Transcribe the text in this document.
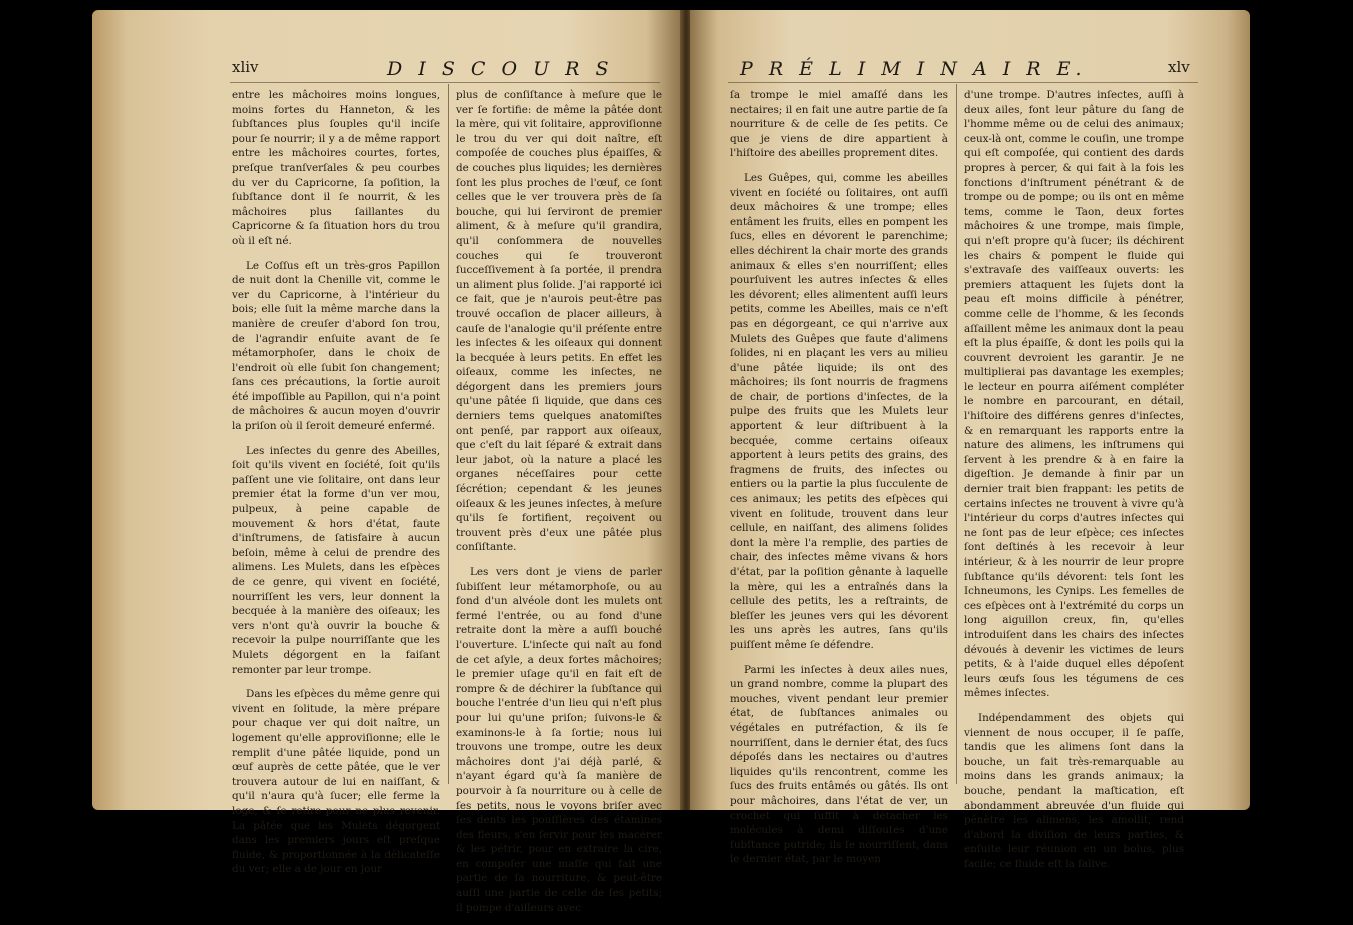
xliv	D I S C O U R S

entre les mâchoires moins longues, moins fortes du Hanneton, & les ſubſtances plus ſouples qu'il inciſe pour ſe nourrir; il y a de même rapport entre les mâchoires courtes, fortes, preſque tranſverſales & peu courbes du ver du Capricorne, ſa poſition, la ſubſtance dont il ſe nourrit, & les mâchoires plus ſaillantes du Capricorne & ſa ſituation hors du trou où il eſt né.

Le Coſſus eſt un très-gros Papillon de nuit dont la Chenille vit, comme le ver du Capricorne, à l'intérieur du bois; elle ſuit la même marche dans la manière de creuſer d'abord ſon trou, de l'agrandir enſuite avant de ſe métamorphoſer, dans le choix de l'endroit où elle ſubit ſon changement; ſans ces précautions, la ſortie auroit été impoſſible au Papillon, qui n'a point de mâchoires & aucun moyen d'ouvrir la priſon où il ſeroit demeuré enfermé.

Les inſectes du genre des Abeilles, ſoit qu'ils vivent en ſociété, ſoit qu'ils paſſent une vie ſolitaire, ont dans leur premier état la forme d'un ver mou, pulpeux, à peine capable de mouvement & hors d'état, faute d'inſtrumens, de ſatisfaire à aucun beſoin, même à celui de prendre des alimens. Les Mulets, dans les eſpèces de ce genre, qui vivent en ſociété, nourriſſent les vers, leur donnent la becquée à la manière des oiſeaux; les vers n'ont qu'à ouvrir la bouche & recevoir la pulpe nourriſſante que les Mulets dégorgent en la faiſant remonter par leur trompe.

Dans les eſpèces du même genre qui vivent en ſolitude, la mère prépare pour chaque ver qui doit naître, un logement qu'elle approviſionne; elle le remplit d'une pâtée liquide, pond un œuf auprès de cette pâtée, que le ver trouvera autour de lui en naiſſant, & qu'il n'aura qu'à ſucer; elle ferme la loge, & ſe retire pour ne plus revenir. La pâtée que les Mulets dégorgent dans les premiers jours eſt preſque fluide, & proportionnée à la délicateſſe du ver; elle a de jour en jour

plus de conſiſtance à meſure que le ver ſe fortifie: de même la pâtée dont la mère, qui vit ſolitaire, approviſionne le trou du ver qui doit naître, eſt compoſée de couches plus épaiſſes, & de couches plus liquides; les dernières ſont les plus proches de l'œuf, ce ſont celles que le ver trouvera près de ſa bouche, qui lui ſerviront de premier aliment, & à meſure qu'il grandira, qu'il conſommera de nouvelles couches qui ſe trouveront ſucceſſivement à ſa portée, il prendra un aliment plus ſolide. J'ai rapporté ici ce fait, que je n'aurois peut-être pas trouvé occaſion de placer ailleurs, à cauſe de l'analogie qu'il préſente entre les inſectes & les oiſeaux qui donnent la becquée à leurs petits. En effet les oiſeaux, comme les inſectes, ne dégorgent dans les premiers jours qu'une pâtée ſi liquide, que dans ces derniers tems quelques anatomiſtes ont penſé, par rapport aux oiſeaux, que c'eſt du lait ſéparé & extrait dans leur jabot, où la nature a placé les organes néceſſaires pour cette ſécrétion; cependant & les jeunes oiſeaux & les jeunes inſectes, à meſure qu'ils ſe fortifient, reçoivent ou trouvent près d'eux une pâtée plus conſiſtante.

Les vers dont je viens de parler ſubiſſent leur métamorphoſe, ou au fond d'un alvéole dont les mulets ont fermé l'entrée, ou au fond d'une retraite dont la mère a auſſi bouché l'ouverture. L'inſecte qui naît au fond de cet aſyle, a deux fortes mâchoires; le premier uſage qu'il en fait eſt de rompre & de déchirer la ſubſtance qui bouche l'entrée d'un lieu qui n'eſt plus pour lui qu'une priſon; ſuivons-le & examinons-le à ſa ſortie; nous lui trouvons une trompe, outre les deux mâchoires dont j'ai déjà parlé, & n'ayant égard qu'à ſa manière de pourvoir à ſa nourriture ou à celle de ſes petits, nous le voyons briſer avec ſes dents les pouſſières des étamines des fleurs, s'en ſervir pour les macérer & les pétrir, pour en extraire la cire, en compoſer une maſſe qui fait une partie de ſa nourriture, & peut-être auſſi une partie de celle de ſes petits; il pompe d'ailleurs avec

P R É L I M I N A I R E.	xlv

ſa trompe le miel amaſſé dans les nectaires; il en fait une autre partie de ſa nourriture & de celle de ſes petits. Ce que je viens de dire appartient à l'hiſtoire des abeilles proprement dites.

Les Guêpes, qui, comme les abeilles vivent en ſociété ou ſolitaires, ont auſſi deux mâchoires & une trompe; elles entâment les fruits, elles en pompent les ſucs, elles en dévorent le parenchime; elles déchirent la chair morte des grands animaux & elles s'en nourriſſent; elles pourſuivent les autres inſectes & elles les dévorent; elles alimentent auſſi leurs petits, comme les Abeilles, mais ce n'eſt pas en dégorgeant, ce qui n'arrive aux Mulets des Guêpes que faute d'alimens ſolides, ni en plaçant les vers au milieu d'une pâtée liquide; ils ont des mâchoires; ils ſont nourris de fragmens de chair, de portions d'inſectes, de la pulpe des fruits que les Mulets leur apportent & leur diſtribuent à la becquée, comme certains oiſeaux apportent à leurs petits des grains, des fragmens de fruits, des inſectes ou entiers ou la partie la plus ſucculente de ces animaux; les petits des eſpèces qui vivent en ſolitude, trouvent dans leur cellule, en naiſſant, des alimens ſolides dont la mère l'a remplie, des parties de chair, des inſectes même vivans & hors d'état, par la poſition gênante à laquelle la mère, qui les a entraînés dans la cellule des petits, les a reſtraints, de bleſſer les jeunes vers qui les dévorent les uns après les autres, ſans qu'ils puiſſent même ſe défendre.

Parmi les inſectes à deux ailes nues, un grand nombre, comme la plupart des mouches, vivent pendant leur premier état, de ſubſtances animales ou végétales en putréfaction, & ils ſe nourriſſent, dans le dernier état, des ſucs dépoſés dans les nectaires ou d'autres liquides qu'ils rencontrent, comme les ſucs des fruits entâmés ou gâtés. Ils ont pour mâchoires, dans l'état de ver, un crochet qui ſuffit à détacher les molécules à demi diſſoutes d'une ſubſtance putride; ils ſe nourriſſent, dans le dernier état, par le moyen

d'une trompe. D'autres inſectes, auſſi à deux ailes, font leur pâture du ſang de l'homme même ou de celui des animaux; ceux-là ont, comme le couſin, une trompe qui eſt compoſée, qui contient des dards propres à percer, & qui fait à la fois les fonctions d'inſtrument pénétrant & de trompe ou de pompe; ou ils ont en même tems, comme le Taon, deux fortes mâchoires & une trompe, mais ſimple, qui n'eſt propre qu'à ſucer; ils déchirent les chairs & pompent le fluide qui s'extravaſe des vaiſſeaux ouverts: les premiers attaquent les ſujets dont la peau eſt moins difficile à pénétrer, comme celle de l'homme, & les ſeconds aſſaillent même les animaux dont la peau eſt la plus épaiſſe, & dont les poils qui la couvrent devroient les garantir. Je ne multiplierai pas davantage les exemples; le lecteur en pourra aiſément compléter le nombre en parcourant, en détail, l'hiſtoire des différens genres d'inſectes, & en remarquant les rapports entre la nature des alimens, les inſtrumens qui ſervent à les prendre & à en faire la digeſtion. Je demande à finir par un dernier trait bien frappant: les petits de certains inſectes ne trouvent à vivre qu'à l'intérieur du corps d'autres inſectes qui ne ſont pas de leur eſpèce; ces inſectes ſont deſtinés à les recevoir à leur intérieur, & à les nourrir de leur propre ſubſtance qu'ils dévorent: tels ſont les Ichneumons, les Cynips. Les femelles de ces eſpèces ont à l'extrémité du corps un long aiguillon creux, fin, qu'elles introduiſent dans les chairs des inſectes dévoués à devenir les victimes de leurs petits, & à l'aide duquel elles dépoſent leurs œufs ſous les tégumens de ces mêmes inſectes.

Indépendamment des objets qui viennent de nous occuper, il ſe paſſe, tandis que les alimens ſont dans la bouche, un fait très-remarquable au moins dans les grands animaux; la bouche, pendant la maſtication, eſt abondamment abreuvée d'un fluide qui pénètre les alimens, les amollit, rend d'abord la diviſion de leurs parties, & enſuite leur réunion en un bolus, plus facile; ce fluide eſt la ſalive.
